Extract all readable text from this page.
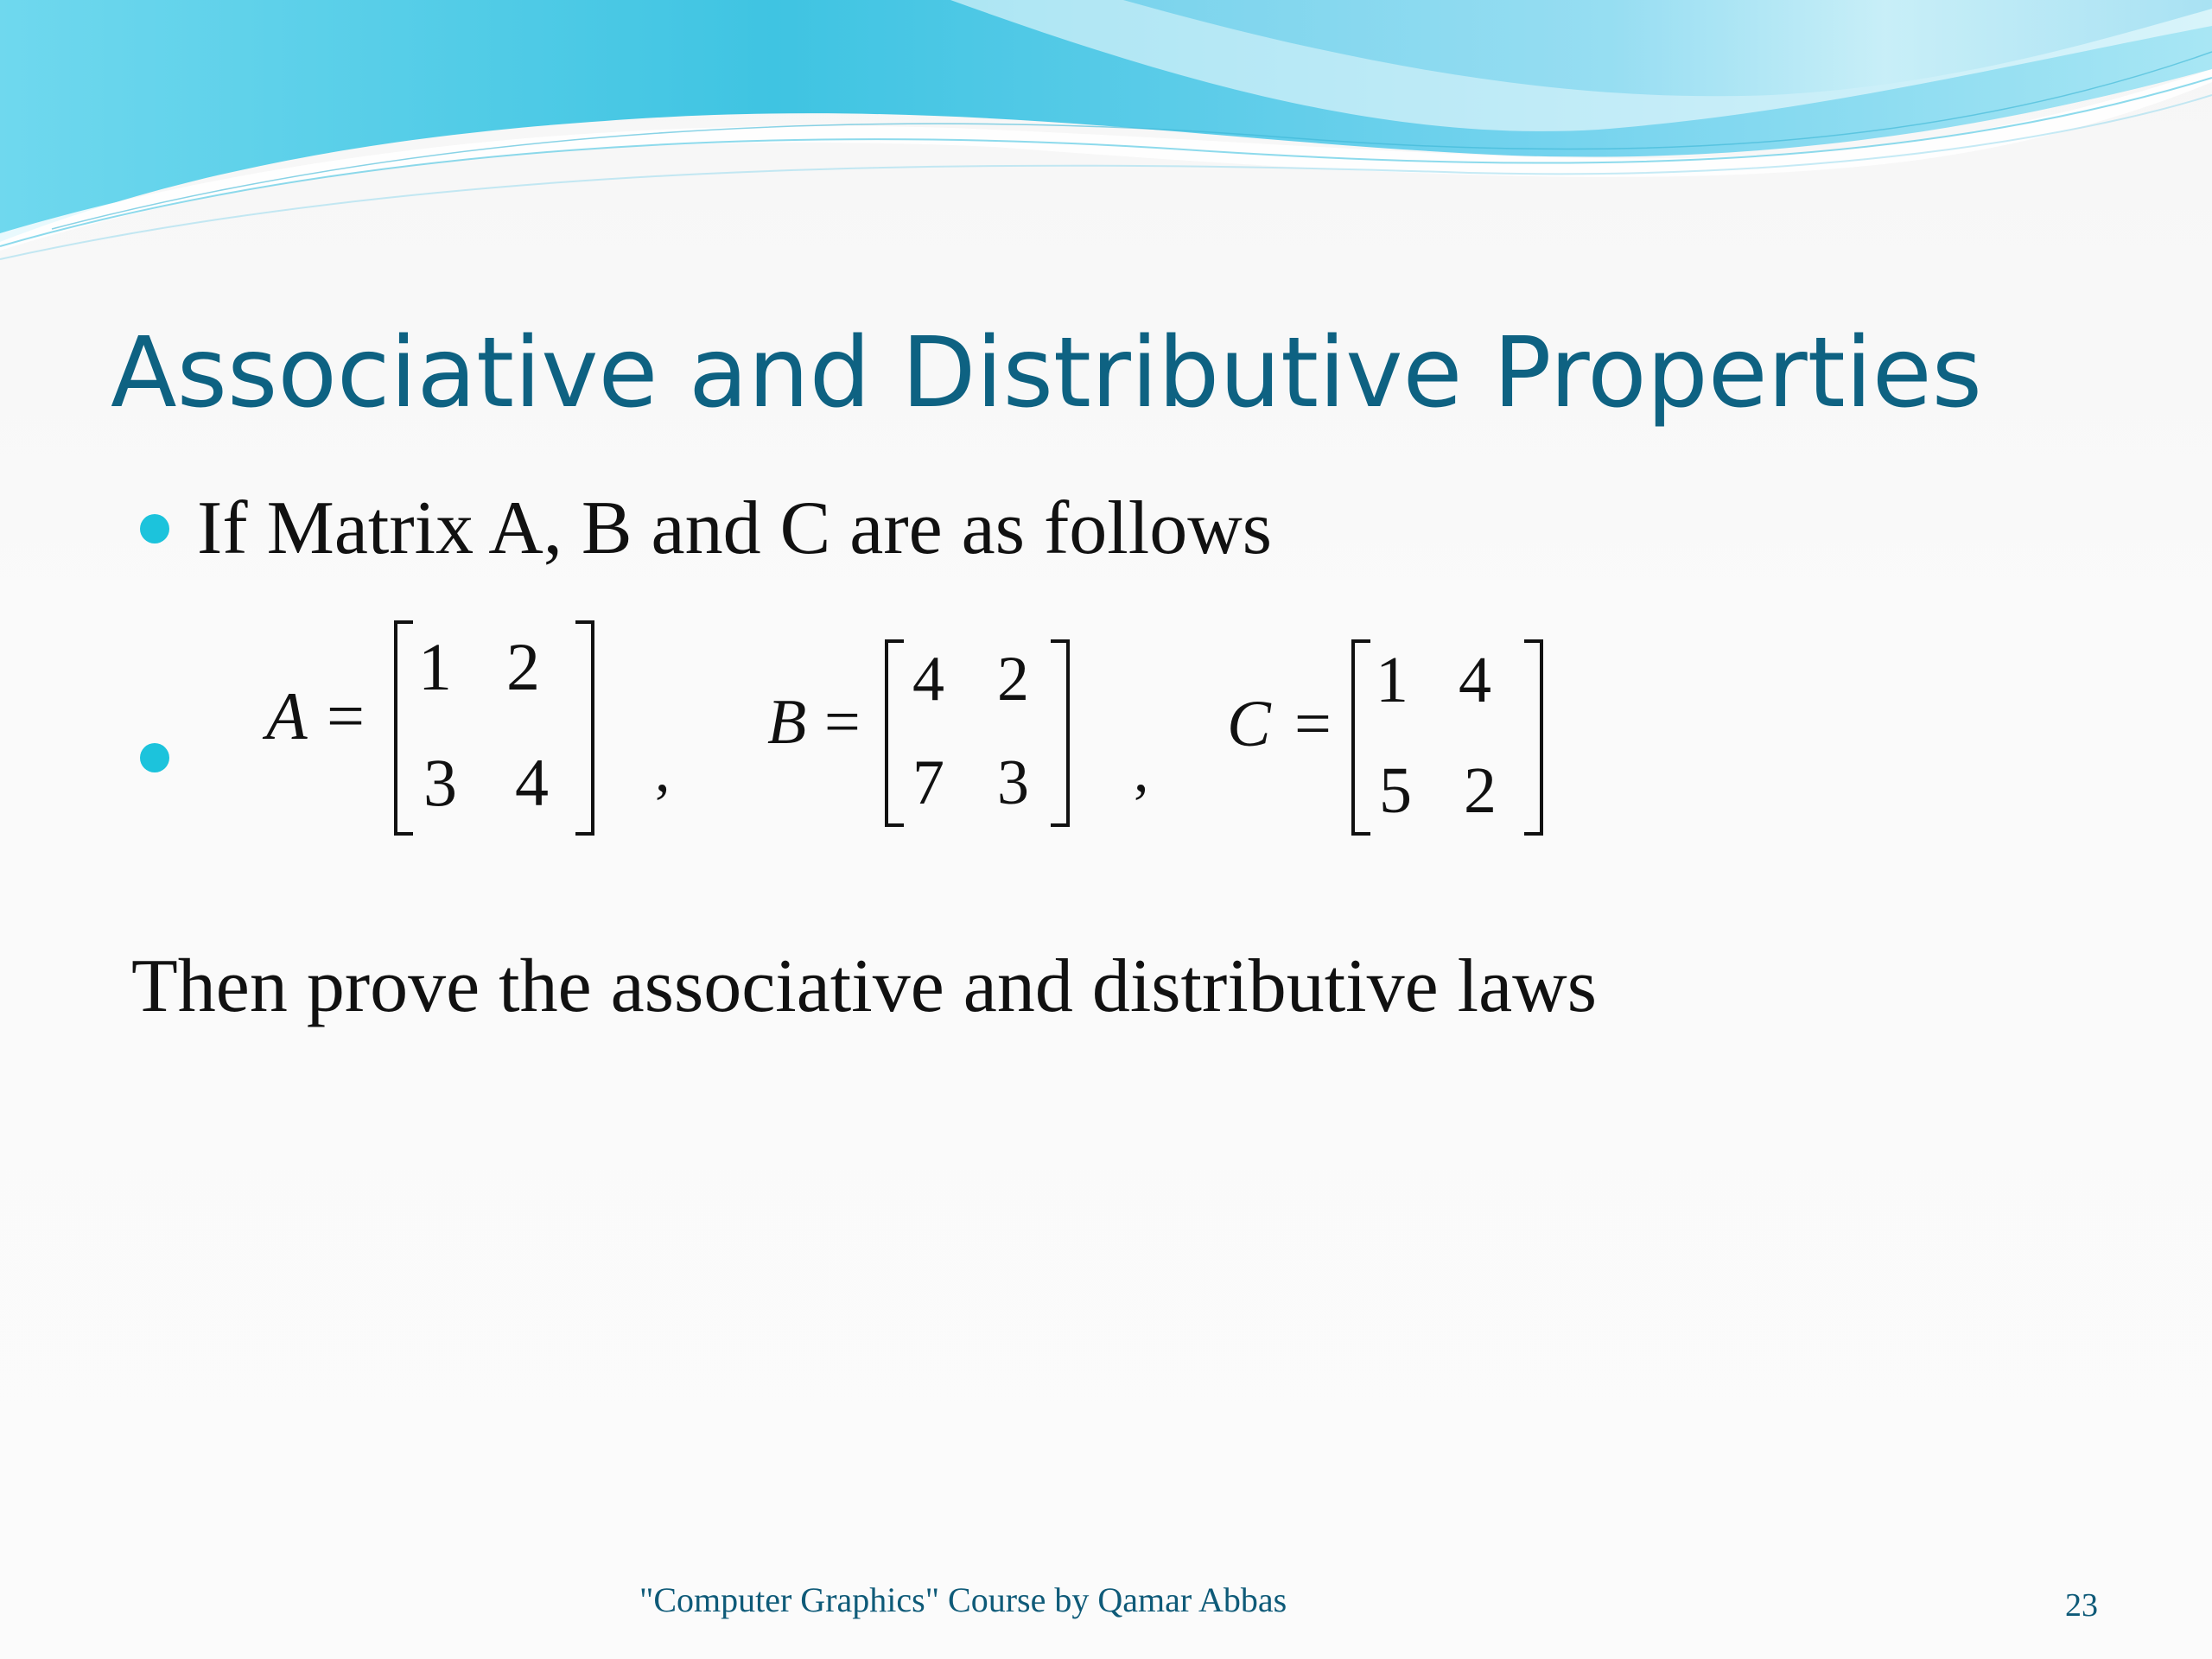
Associative and Distributive Properties
If Matrix A, B and C are as follows
A =
1 2
3 4 ,
B =
4 2
7 3 ,
C =
1 4
5 2
Then prove the associative and distributive laws
"Computer Graphics" Course by Qamar Abbas	23
